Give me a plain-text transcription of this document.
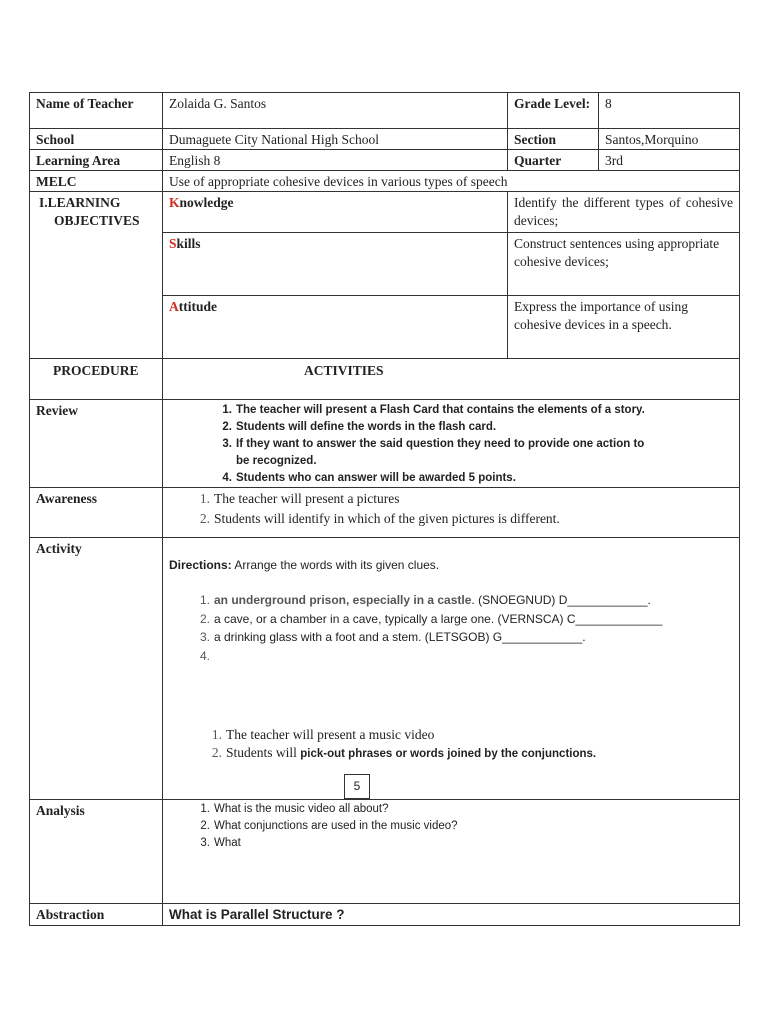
Name of Teacher	Zolaida G. Santos	Grade Level:	8
School	Dumaguete City National High School	Section	Santos,Morquino
Learning Area	English 8	Quarter	3rd
MELC	Use of appropriate cohesive devices in various types of speech
I.LEARNING
OBJECTIVES
Knowledge	Identify the different types of cohesive devices;
Skills	Construct sentences using appropriate cohesive devices;
Attitude	Express the importance of using cohesive devices in a speech.
PROCEDURE	ACTIVITIES
Review	1. The teacher will present a Flash Card that contains the elements of a story.
2. Students will define the words in the flash card.
3. If they want to answer the said question they need to provide one action to be recognized.
4. Students who can answer will be awarded 5 points.
Awareness	1. The teacher will present a pictures
2. Students will identify in which of the given pictures is different.
Activity
Directions: Arrange the words with its given clues.
1. an underground prison, especially in a castle. (SNOEGNUD) D____________.
2. a cave, or a chamber in a cave, typically a large one. (VERNSCA) C_____________
3. a drinking glass with a foot and a stem. (LETSGOB) G____________.
4.
1. The teacher will present a music video
2. Students will pick-out phrases or words joined by the conjunctions.
5
Analysis	1. What is the music video all about?
2. What conjunctions are used in the music video?
3. What
Abstraction	What is Parallel Structure ?
